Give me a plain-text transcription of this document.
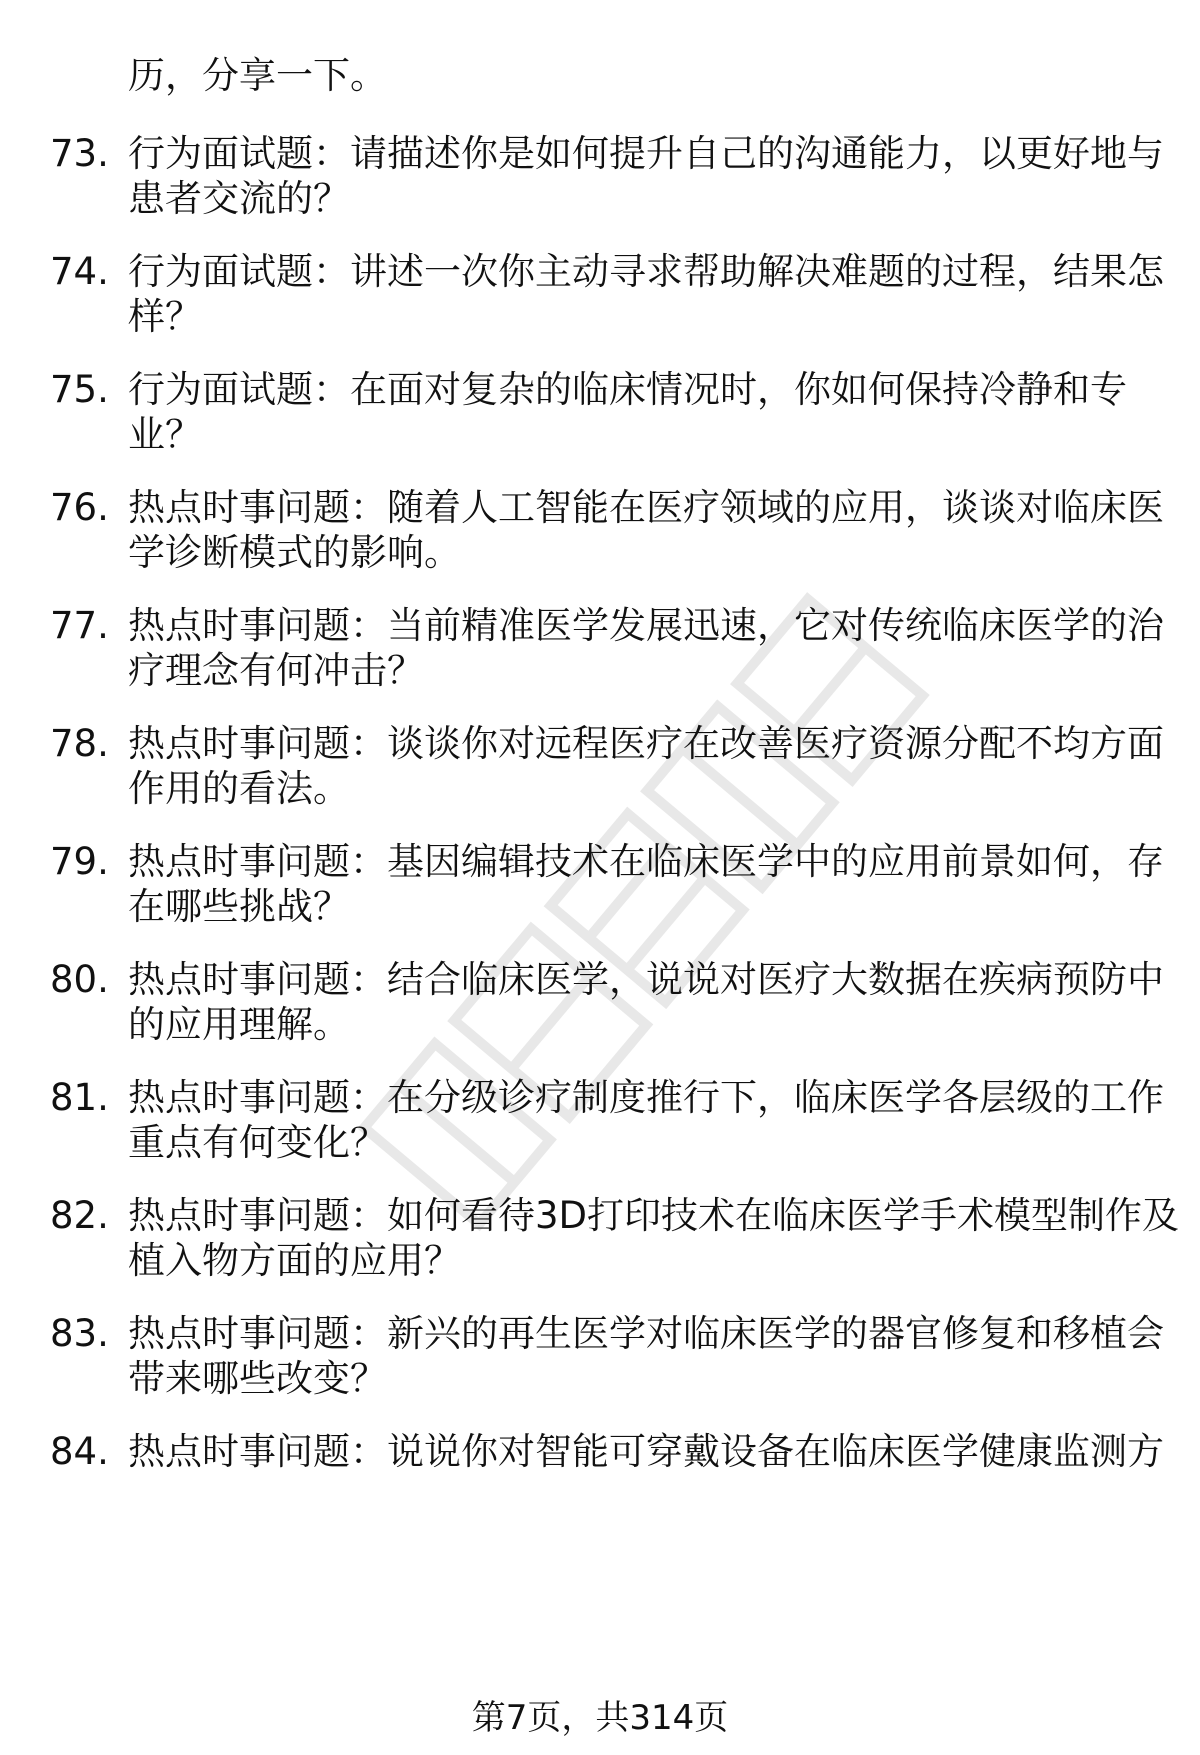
历，分享一下。
73. 行为面试题：请描述你是如何提升自己的沟通能力，以更好地与
患者交流的？
74. 行为面试题：讲述一次你主动寻求帮助解决难题的过程，结果怎
样？
75. 行为面试题：在面对复杂的临床情况时，你如何保持冷静和专
业？
76. 热点时事问题：随着人工智能在医疗领域的应用，谈谈对临床医
学诊断模式的影响。
77. 热点时事问题：当前精准医学发展迅速，它对传统临床医学的治
疗理念有何冲击？
78. 热点时事问题：谈谈你对远程医疗在改善医疗资源分配不均方面
作用的看法。
79. 热点时事问题：基因编辑技术在临床医学中的应用前景如何，存
在哪些挑战？
80. 热点时事问题：结合临床医学，说说对医疗大数据在疾病预防中
的应用理解。
81. 热点时事问题：在分级诊疗制度推行下，临床医学各层级的工作
重点有何变化？
82. 热点时事问题：如何看待3D打印技术在临床医学手术模型制作及
植入物方面的应用？
83. 热点时事问题：新兴的再生医学对临床医学的器官修复和移植会
带来哪些改变？
84. 热点时事问题：说说你对智能可穿戴设备在临床医学健康监测方
第7页，共314页
